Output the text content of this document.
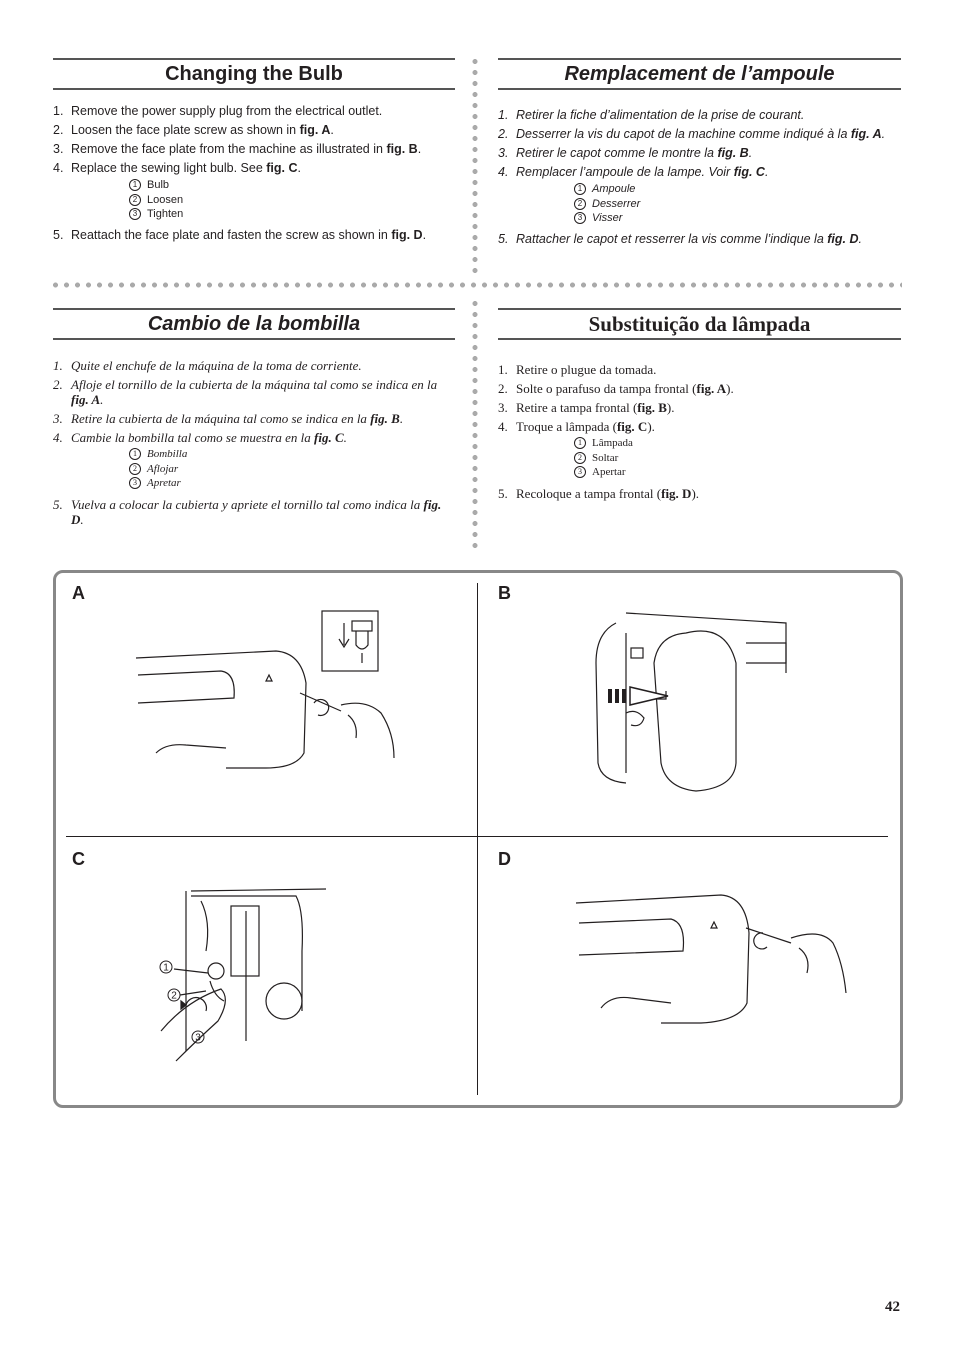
Changing the Bulb
1. Remove the power supply plug from the electrical outlet.
2. Loosen the face plate screw as shown in fig. A.
3. Remove the face plate from the machine as illustrated in fig. B.
4. Replace the sewing light bulb. See fig. C.
1 Bulb
2 Loosen
3 Tighten
5. Reattach the face plate and fasten the screw as shown in fig. D.
Remplacement de l’ampoule
1. Retirer la fiche d’alimentation de la prise de courant.
2. Desserrer la vis du capot de la machine comme indiqué à la fig. A.
3. Retirer le capot comme le montre la fig. B.
4. Remplacer l’ampoule de la lampe. Voir fig. C.
1 Ampoule
2 Desserrer
3 Visser
5. Rattacher le capot et resserrer la vis comme l’indique la fig. D.
Cambio de la bombilla
1. Quite el enchufe de la máquina de la toma de corriente.
2. Afloje el tornillo de la cubierta de la máquina tal como se indica en la fig. A.
3. Retire la cubierta de la máquina tal como se indica en la fig. B.
4. Cambie la bombilla tal como se muestra en la fig. C.
1 Bombilla
2 Aflojar
3 Apretar
5. Vuelva a colocar la cubierta y apriete el tornillo tal como indica la fig. D.
Substituição da lâmpada
1. Retire o plugue da tomada.
2. Solte o parafuso da tampa frontal (fig. A).
3. Retire a tampa frontal (fig. B).
4. Troque a lâmpada (fig. C).
1 Lâmpada
2 Soltar
3 Apertar
5. Recoloque a tampa frontal (fig. D).
A	B
C	D
1
2
3
42
